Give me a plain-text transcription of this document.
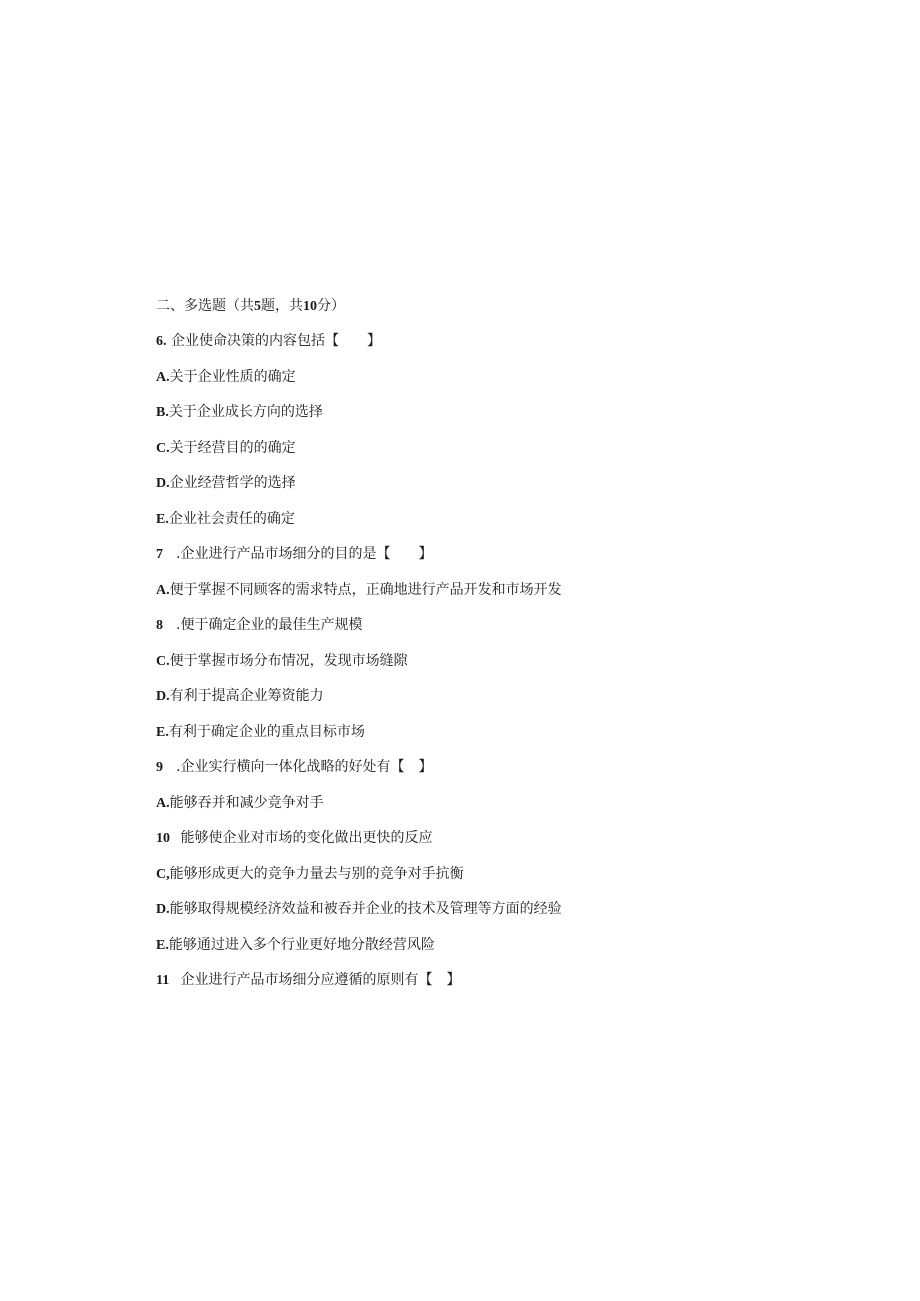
二、多选题（共5题，共10分）
6. 企业使命决策的内容包括【　　】
A.关于企业性质的确定
B.关于企业成长方向的选择
C.关于经营目的的确定
D.企业经营哲学的选择
E.企业社会责任的确定
7 .企业进行产品市场细分的目的是【　　】
A.便于掌握不同顾客的需求特点，正确地进行产品开发和市场开发
8 .便于确定企业的最佳生产规模
C.便于掌握市场分布情况，发现市场缝隙
D.有利于提高企业筹资能力
E.有利于确定企业的重点目标市场
9 .企业实行横向一体化战略的好处有【　】
A.能够吞并和减少竞争对手
10 能够使企业对市场的变化做出更快的反应
C,能够形成更大的竞争力量去与别的竞争对手抗衡
D.能够取得规模经济效益和被吞并企业的技术及管理等方面的经验
E.能够通过进入多个行业更好地分散经营风险
11 企业进行产品市场细分应遵循的原则有【　】
